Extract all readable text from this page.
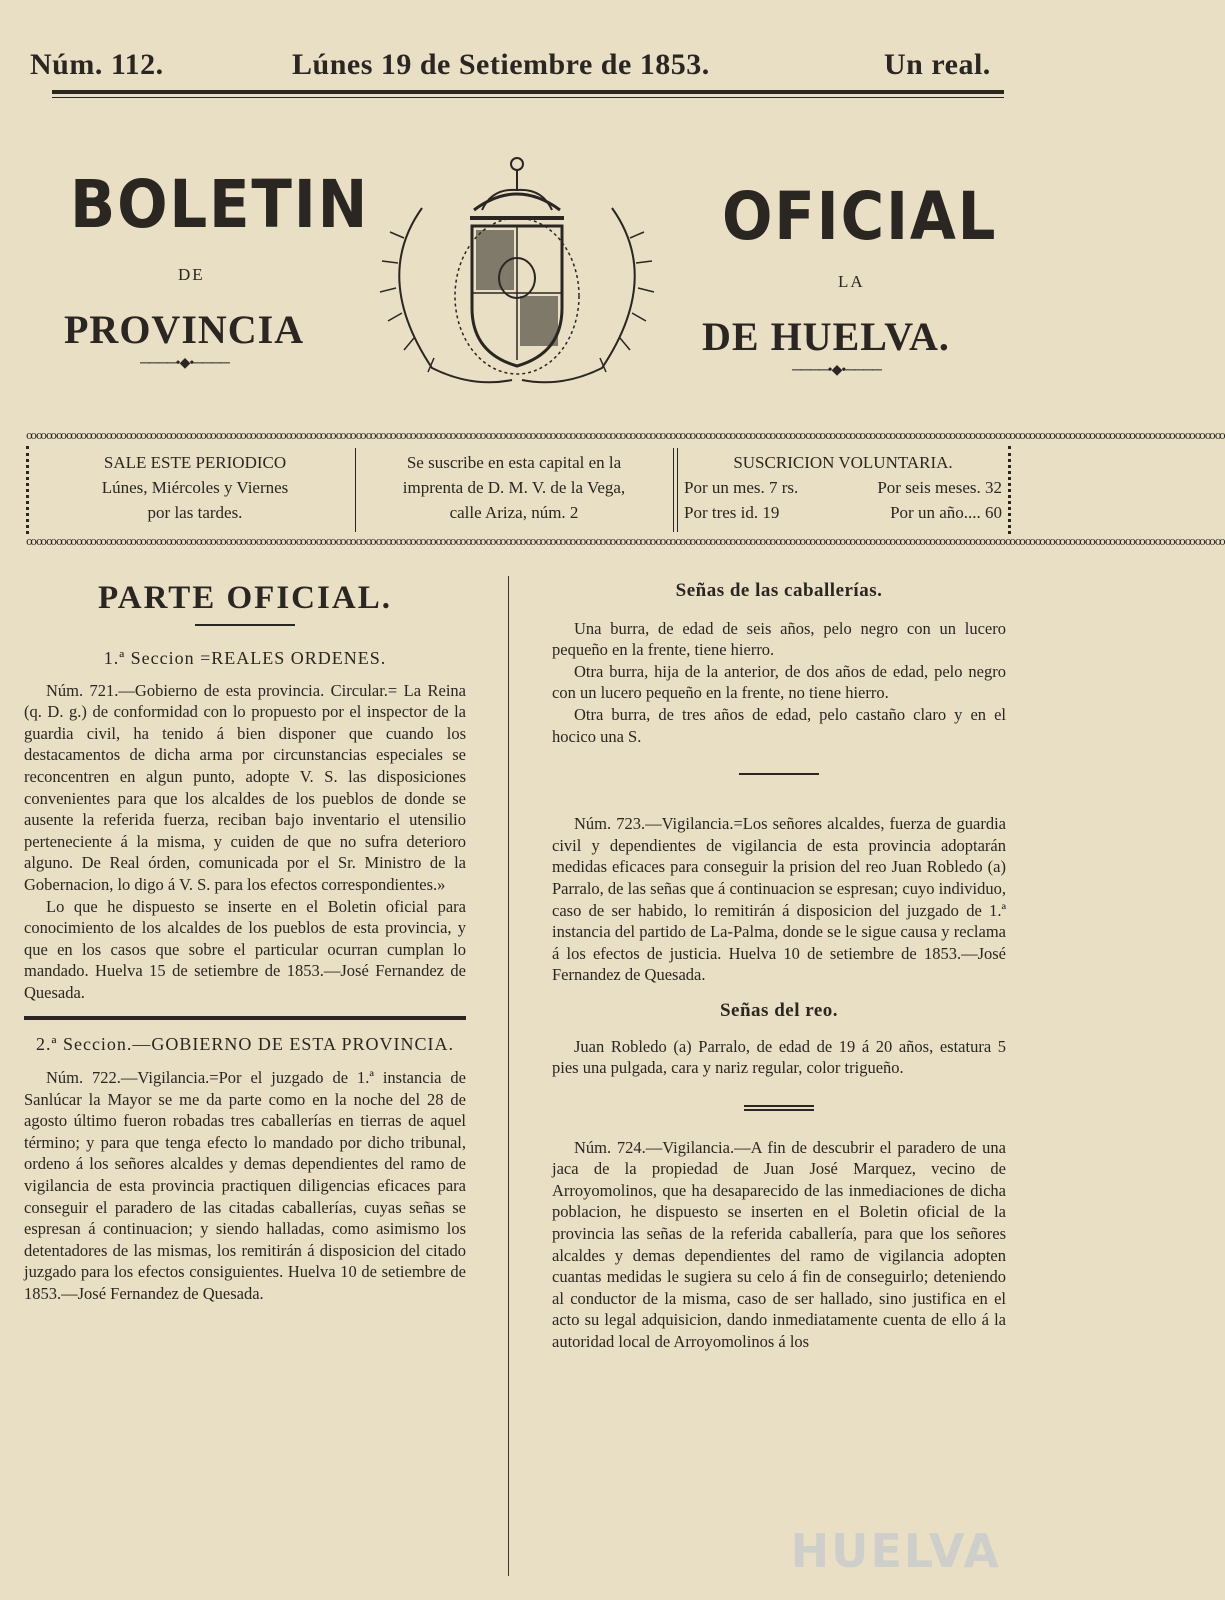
Núm. 112.	Lúnes 19 de Setiembre de 1853.	Un real.
BOLETIN
DE
PROVINCIA
────•◆•────
OFICIAL
LA
DE HUELVA.
────•◆•────
ꝏꝏꝏꝏꝏꝏꝏꝏꝏꝏꝏꝏꝏꝏꝏꝏꝏꝏꝏꝏꝏꝏꝏꝏꝏꝏꝏꝏꝏꝏꝏꝏꝏꝏꝏꝏꝏꝏꝏꝏꝏꝏꝏꝏꝏꝏꝏꝏꝏꝏꝏꝏꝏꝏꝏꝏꝏꝏꝏꝏꝏꝏꝏꝏꝏꝏꝏꝏꝏꝏꝏꝏꝏꝏꝏꝏꝏꝏꝏꝏꝏꝏꝏꝏꝏꝏꝏꝏꝏꝏꝏꝏꝏꝏꝏꝏꝏꝏꝏꝏꝏꝏꝏꝏꝏꝏꝏꝏꝏꝏꝏꝏꝏꝏꝏꝏꝏꝏꝏꝏ
ꝏꝏꝏꝏꝏꝏꝏꝏꝏꝏꝏꝏꝏꝏꝏꝏꝏꝏꝏꝏꝏꝏꝏꝏꝏꝏꝏꝏꝏꝏꝏꝏꝏꝏꝏꝏꝏꝏꝏꝏꝏꝏꝏꝏꝏꝏꝏꝏꝏꝏꝏꝏꝏꝏꝏꝏꝏꝏꝏꝏꝏꝏꝏꝏꝏꝏꝏꝏꝏꝏꝏꝏꝏꝏꝏꝏꝏꝏꝏꝏꝏꝏꝏꝏꝏꝏꝏꝏꝏꝏꝏꝏꝏꝏꝏꝏꝏꝏꝏꝏꝏꝏꝏꝏꝏꝏꝏꝏꝏꝏꝏꝏꝏꝏꝏꝏꝏꝏꝏꝏ
SALE ESTE PERIODICO
Lúnes, Miércoles y Viernes
por las tardes.
Se suscribe en esta capital en la
imprenta de D. M. V. de la Vega,
calle Ariza, núm. 2
SUSCRICION VOLUNTARIA.
Por un mes. 7 rs.	Por seis meses. 32
Por tres id. 19	Por un año.... 60
PARTE OFICIAL.
1.ª Seccion =REALES ORDENES.

Núm. 721.—Gobierno de esta provincia. Circular.= La Reina (q. D. g.) de conformidad con lo propuesto por el inspector de la guardia civil, ha tenido á bien disponer que cuando los destacamentos de dicha arma por circunstancias especiales se reconcentren en algun punto, adopte V. S. las disposiciones convenientes para que los alcaldes de los pueblos de donde se ausente la referida fuerza, reciban bajo inventario el utensilio perteneciente á la misma, y cuiden de que no sufra deterioro alguno. De Real órden, comunicada por el Sr. Ministro de la Gobernacion, lo digo á V. S. para los efectos correspondientes.»

Lo que he dispuesto se inserte en el Boletin oficial para conocimiento de los alcaldes de los pueblos de esta provincia, y que en los casos que sobre el particular ocurran cumplan lo mandado. Huelva 15 de setiembre de 1853.—José Fernandez de Quesada.

2.ª Seccion.—GOBIERNO DE ESTA PROVINCIA.

Núm. 722.—Vigilancia.=Por el juzgado de 1.ª instancia de Sanlúcar la Mayor se me da parte como en la noche del 28 de agosto último fueron robadas tres caballerías en tierras de aquel término; y para que tenga efecto lo mandado por dicho tribunal, ordeno á los señores alcaldes y demas dependientes del ramo de vigilancia de esta provincia practiquen diligencias eficaces para conseguir el paradero de las citadas caballerías, cuyas señas se espresan á continuacion; y siendo halladas, como asimismo los detentadores de las mismas, los remitirán á disposicion del citado juzgado para los efectos consiguientes. Huelva 10 de setiembre de 1853.—José Fernandez de Quesada.

Señas de las caballerías.

Una burra, de edad de seis años, pelo negro con un lucero pequeño en la frente, tiene hierro.

Otra burra, hija de la anterior, de dos años de edad, pelo negro con un lucero pequeño en la frente, no tiene hierro.

Otra burra, de tres años de edad, pelo castaño claro y en el hocico una S.

Núm. 723.—Vigilancia.=Los señores alcaldes, fuerza de guardia civil y dependientes de vigilancia de esta provincia adoptarán medidas eficaces para conseguir la prision del reo Juan Robledo (a) Parralo, de las señas que á continuacion se espresan; cuyo individuo, caso de ser habido, lo remitirán á disposicion del juzgado de 1.ª instancia del partido de La-Palma, donde se le sigue causa y reclama á los efectos de justicia. Huelva 10 de setiembre de 1853.—José Fernandez de Quesada.

Señas del reo.

Juan Robledo (a) Parralo, de edad de 19 á 20 años, estatura 5 pies una pulgada, cara y nariz regular, color trigueño.

Núm. 724.—Vigilancia.—A fin de descubrir el paradero de una jaca de la propiedad de Juan José Marquez, vecino de Arroyomolinos, que ha desaparecido de las inmediaciones de dicha poblacion, he dispuesto se inserten en el Boletin oficial de la provincia las señas de la referida caballería, para que los señores alcaldes y demas dependientes del ramo de vigilancia adopten cuantas medidas le sugiera su celo á fin de conseguirlo; deteniendo al conductor de la misma, caso de ser hallado, sino justifica en el acto su legal adquisicion, dando inmediatamente cuenta de ello á la autoridad local de Arroyomolinos á los

HUELVA
